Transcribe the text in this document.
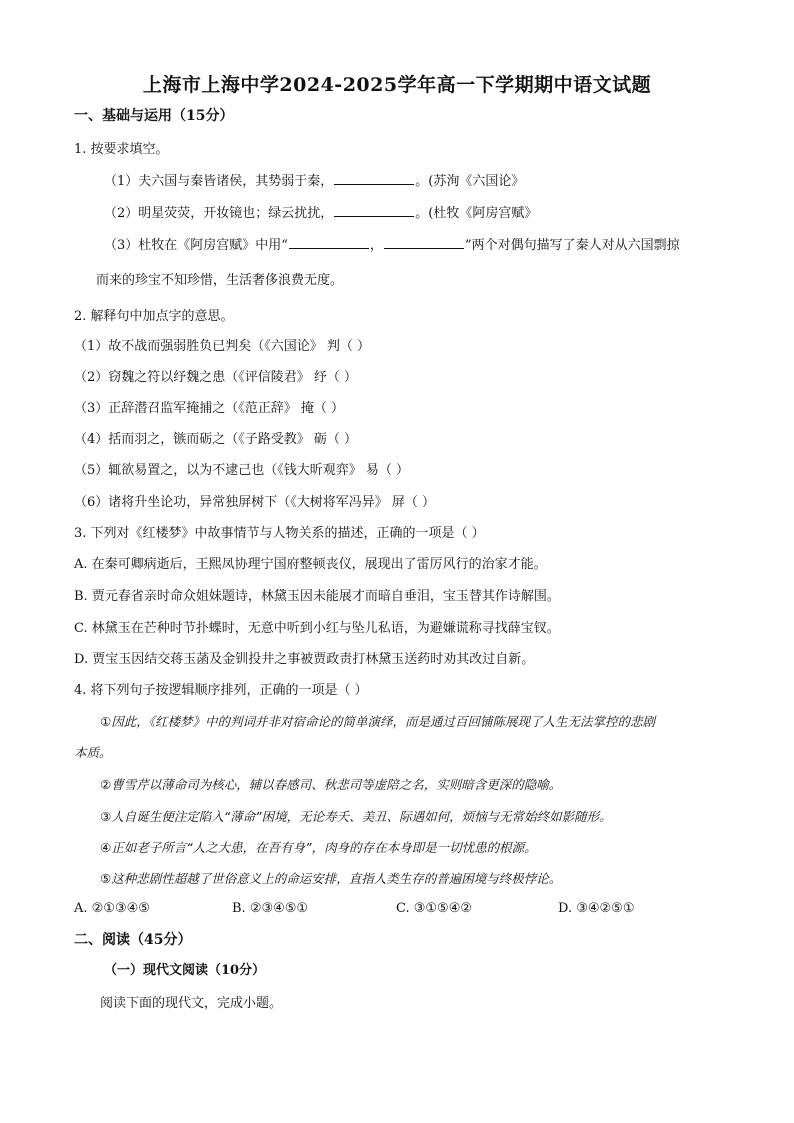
上海市上海中学2024-2025学年高一下学期期中语文试题
一、基础与运用（15分）
1. 按要求填空。
（1）夫六国与秦皆诸侯，其势弱于秦，	。(苏洵《六国论》
（2）明星荧荧，开妆镜也；绿云扰扰，	。(杜牧《阿房宫赋》
（3）杜牧在《阿房宫赋》中用“	，	”两个对偶句描写了秦人对从六国剽掠
而来的珍宝不知珍惜，生活奢侈浪费无度。
2. 解释句中加点字的意思。
（1）故不战而强弱胜负已判矣（《六国论》 判（ ）
（2）窃魏之符以纾魏之患（《评信陵君》 纾（ ）
（3）正辞潜召监军掩捕之（《范正辞》 掩（ ）
（4）括而羽之，镞而砺之（《子路受教》 砺（ ）
（5）辄欲易置之，以为不逮己也（《钱大昕观弈》 易（ ）
（6）诸将升坐论功，异常独屏树下（《大树将军冯异》 屏（ ）
3. 下列对《红楼梦》中故事情节与人物关系的描述，正确的一项是（ ）
A. 在秦可卿病逝后，王熙凤协理宁国府整顿丧仪，展现出了雷厉风行的治家才能。
B. 贾元春省亲时命众姐妹题诗，林黛玉因未能展才而暗自垂泪，宝玉替其作诗解围。
C. 林黛玉在芒种时节扑蝶时，无意中听到小红与坠儿私语，为避嫌谎称寻找薛宝钗。
D. 贾宝玉因结交蒋玉菡及金钏投井之事被贾政责打林黛玉送药时劝其改过自新。
4. 将下列句子按逻辑顺序排列，正确的一项是（ ）
①因此，《红楼梦》中的判词并非对宿命论的简单演绎，而是通过百回铺陈展现了人生无法掌控的悲剧
本质。
②曹雪芹以薄命司为核心，辅以春感司、秋悲司等虚陪之名，实则暗含更深的隐喻。
③人自诞生便注定陷入“薄命”困境，无论寿夭、美丑、际遇如何，烦恼与无常始终如影随形。
④正如老子所言“人之大患，在吾有身”，肉身的存在本身即是一切忧患的根源。
⑤这种悲剧性超越了世俗意义上的命运安排，直指人类生存的普遍困境与终极悖论。
A. ②①③④⑤	B. ②③④⑤①	C. ③①⑤④②	D. ③④②⑤①
二、阅读（45分）
（一）现代文阅读（10分）
阅读下面的现代文，完成小题。
